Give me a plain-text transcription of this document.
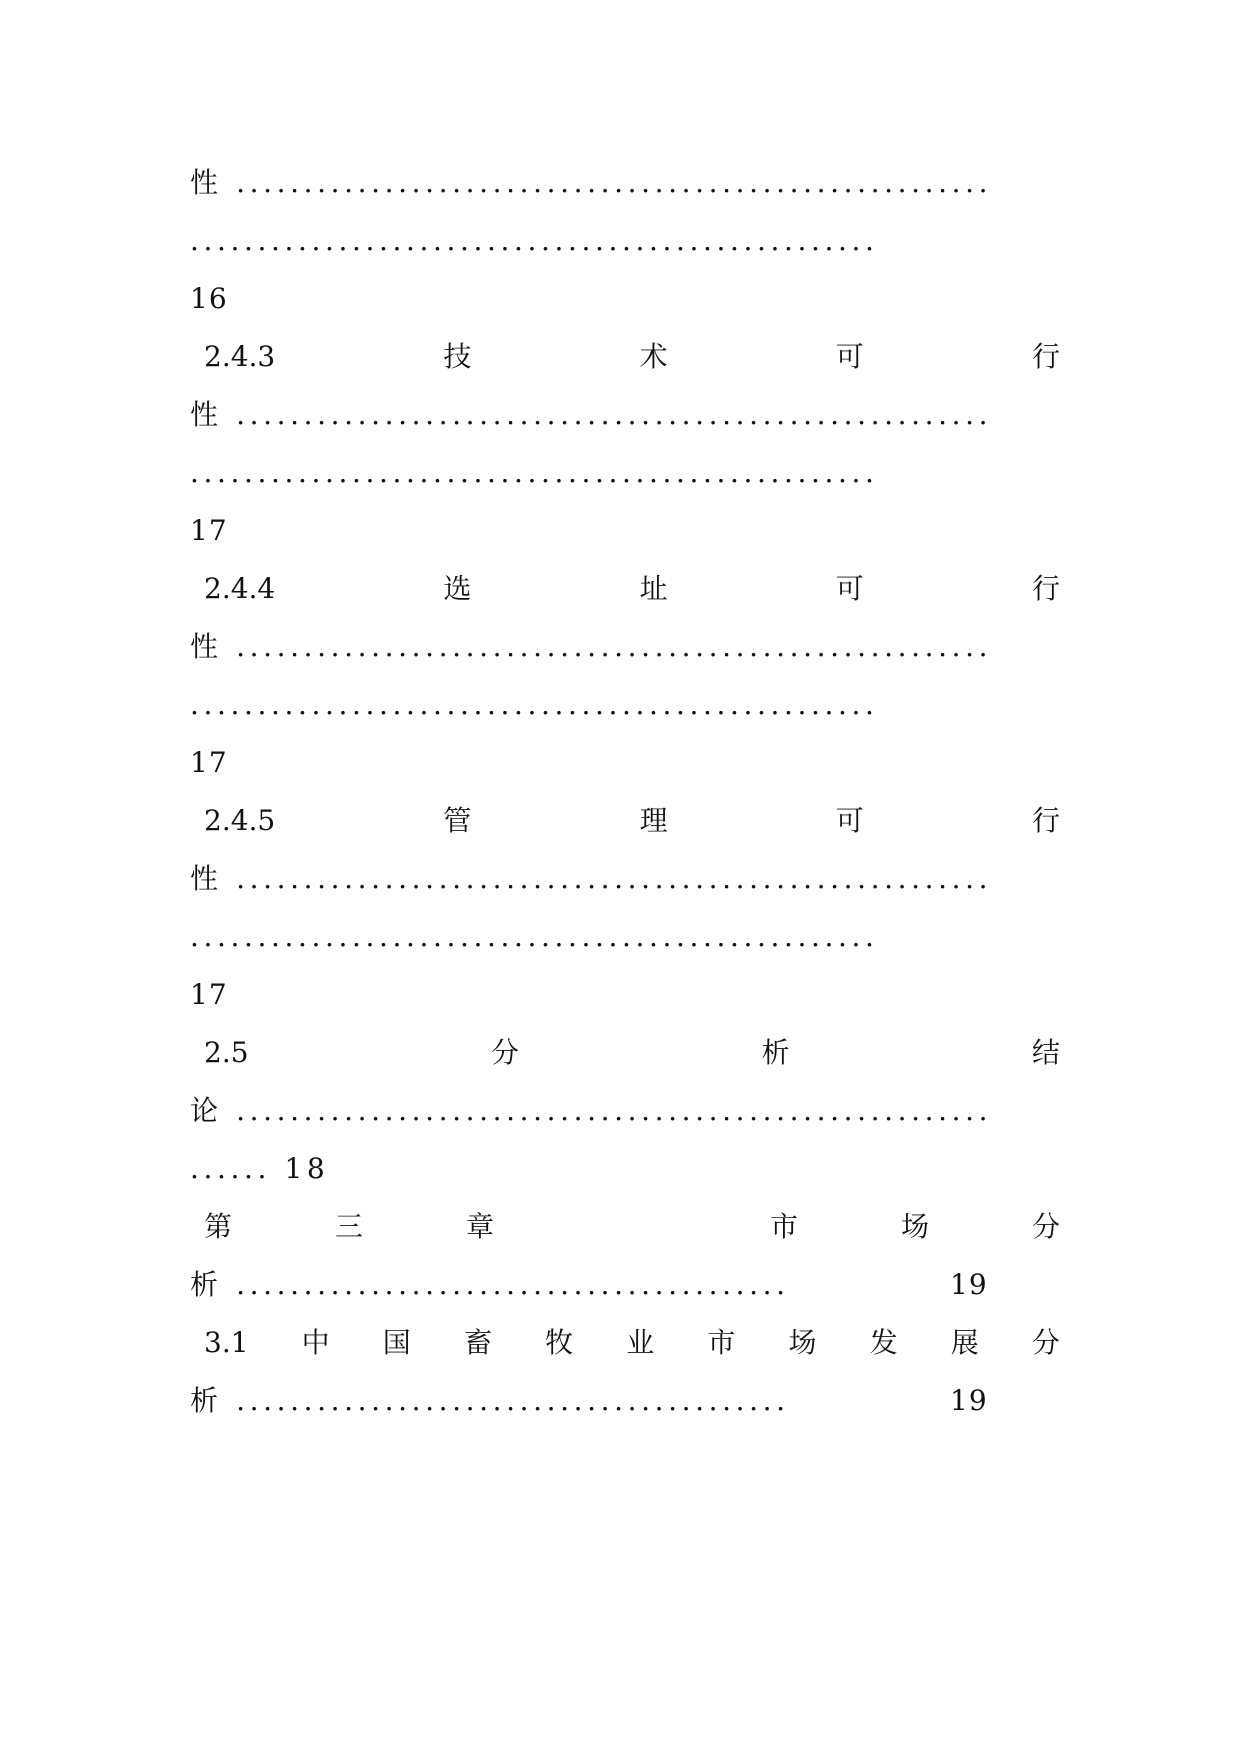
性 ........................................................
...................................................
16
2.4.3	技	术	可	行
性 ........................................................
...................................................
17
2.4.4	选	址	可	行
性 ........................................................
...................................................
17
2.4.5	管	理	可	行
性 ........................................................
...................................................
17
2.5	分	析	结
论 ........................................................
...... 18
第	三	章	市	场	分
析 .........................................	19
3.1 中 国 畜 牧 业 市 场 发 展 分
析 .........................................	19
